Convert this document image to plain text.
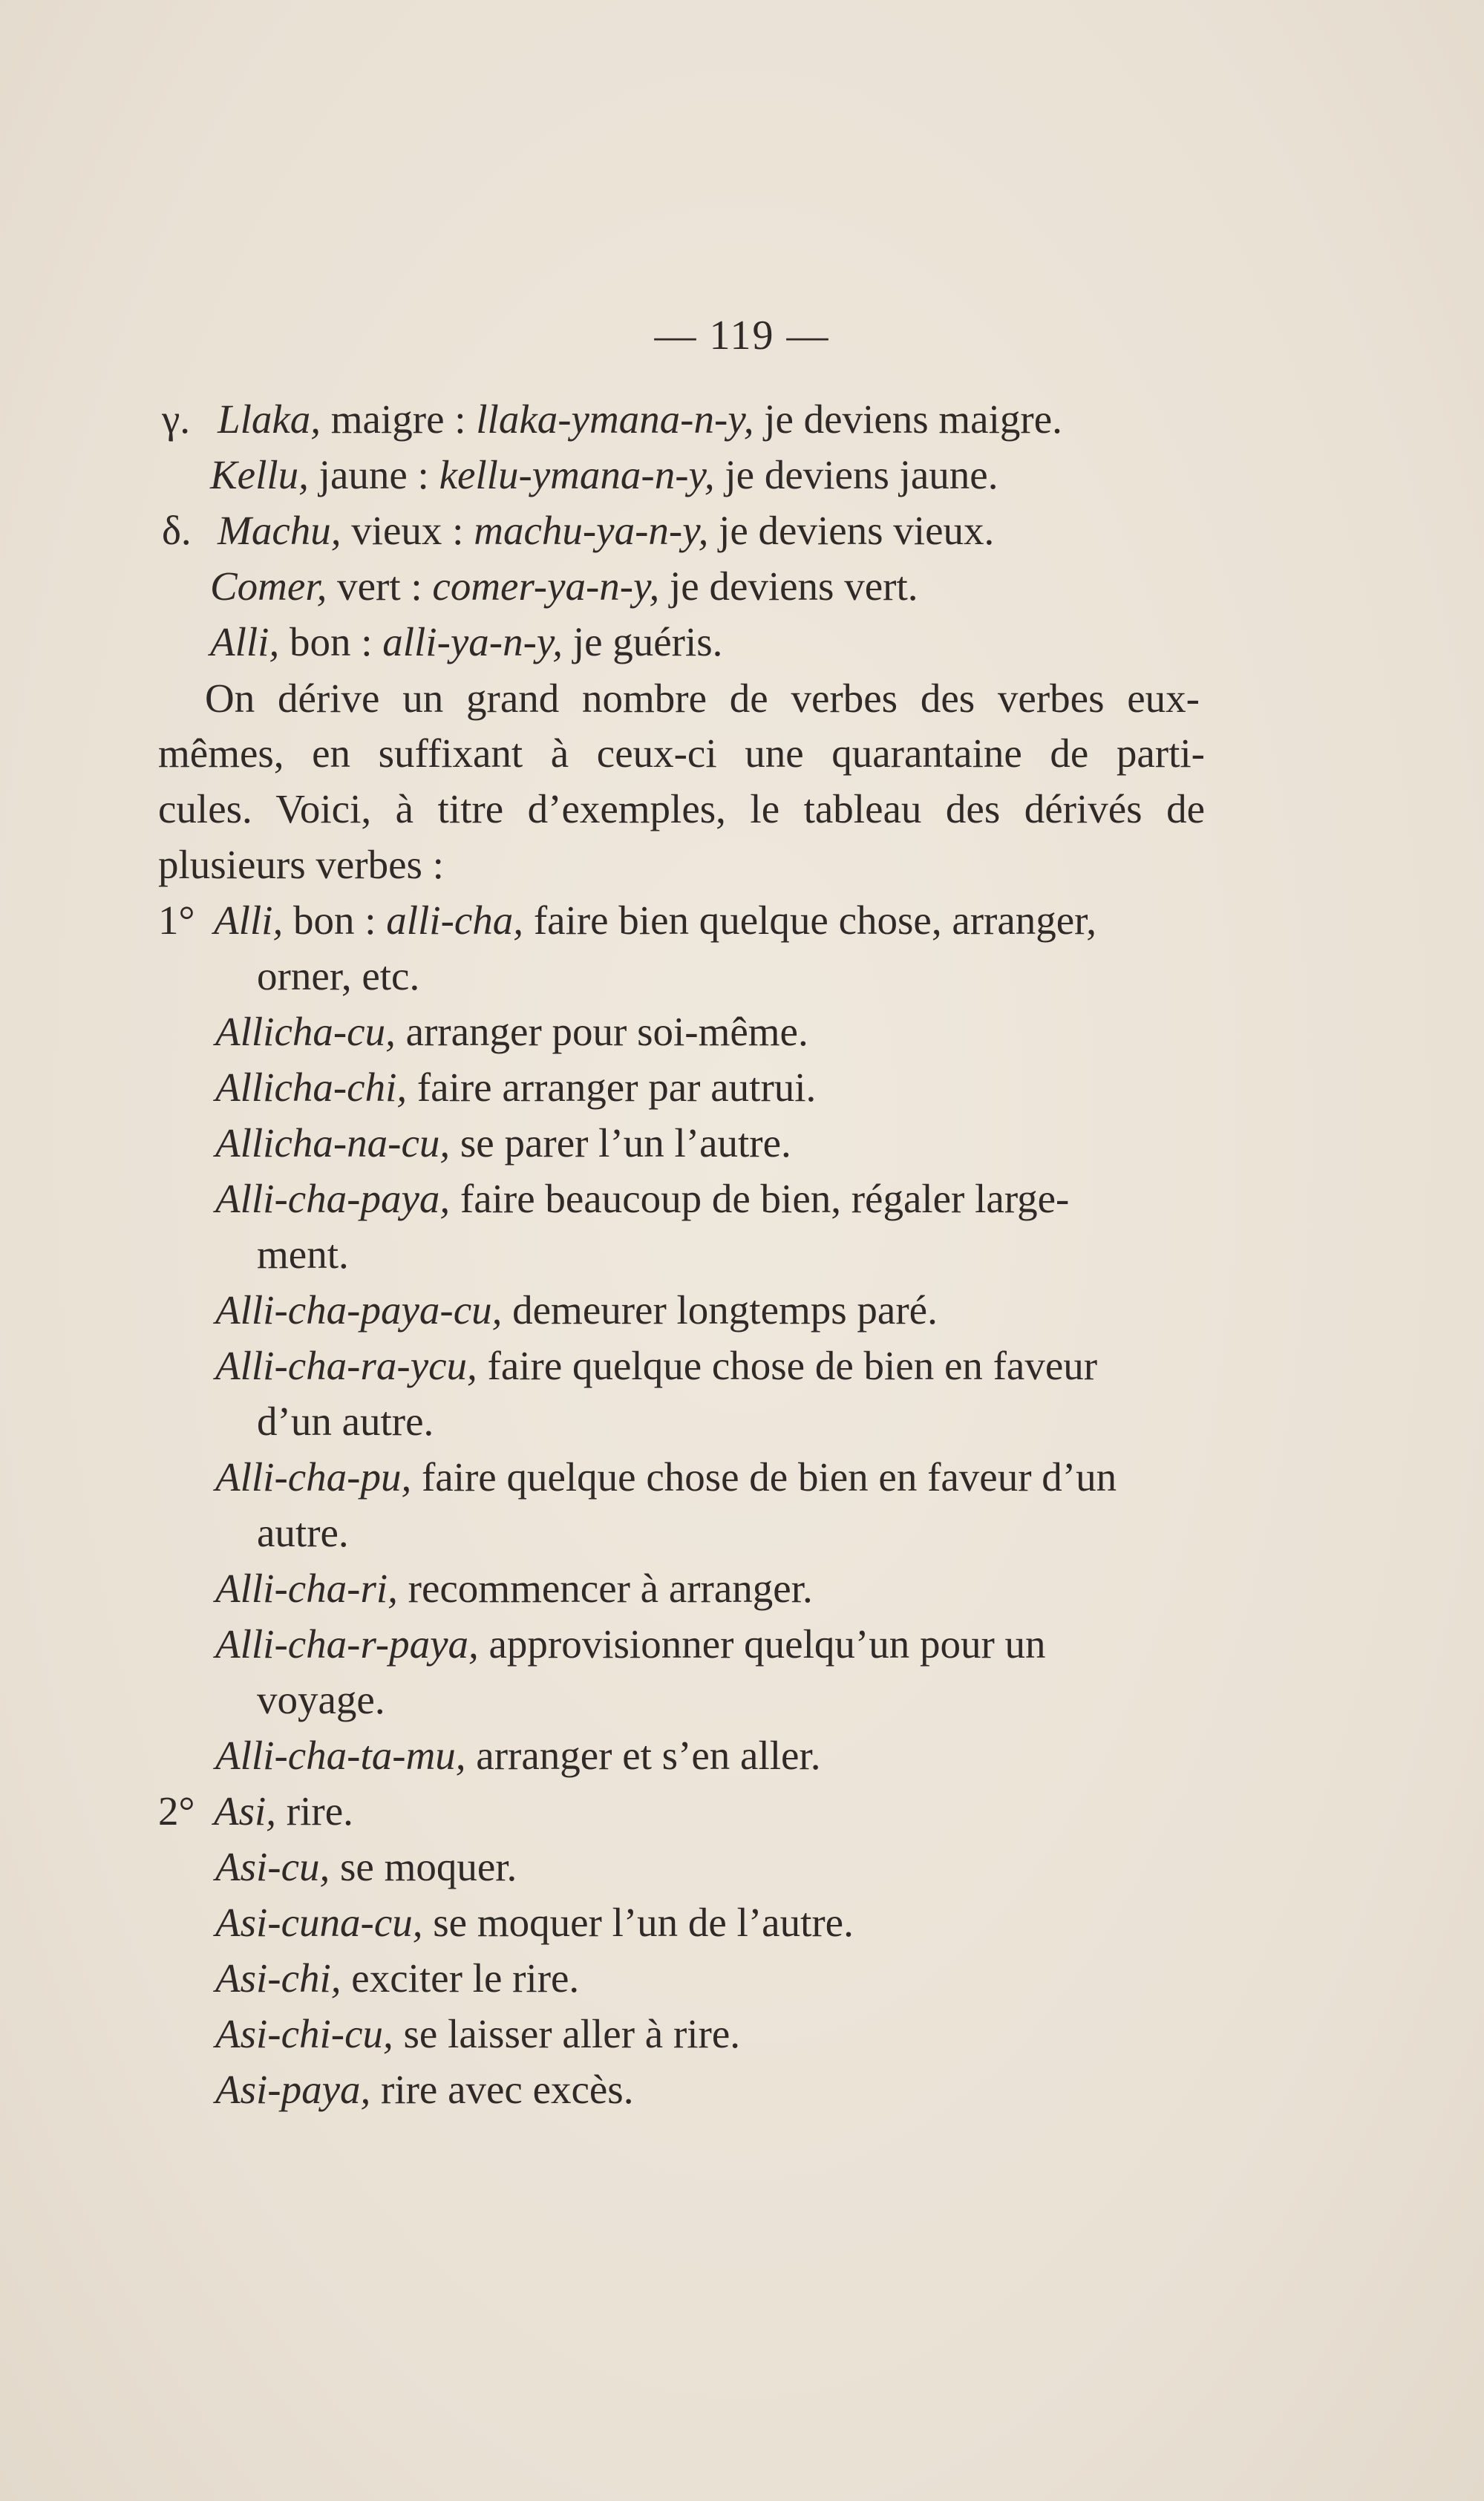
— 119 —
γ. Llaka, maigre : llaka-ymana-n-y, je deviens maigre.
Kellu, jaune : kellu-ymana-n-y, je deviens jaune.
δ. Machu, vieux : machu-ya-n-y, je deviens vieux.
Comer, vert : comer-ya-n-y, je deviens vert.
Alli, bon : alli-ya-n-y, je guéris.
On dérive un grand nombre de verbes des verbes eux-
mêmes, en suffixant à ceux-ci une quarantaine de parti-
cules. Voici, à titre d’exemples, le tableau des dérivés de
plusieurs verbes :
1° Alli, bon : alli-cha, faire bien quelque chose, arranger,
orner, etc.
Allicha-cu, arranger pour soi-même.
Allicha-chi, faire arranger par autrui.
Allicha-na-cu, se parer l’un l’autre.
Alli-cha-paya, faire beaucoup de bien, régaler large-
ment.
Alli-cha-paya-cu, demeurer longtemps paré.
Alli-cha-ra-ycu, faire quelque chose de bien en faveur
d’un autre.
Alli-cha-pu, faire quelque chose de bien en faveur d’un
autre.
Alli-cha-ri, recommencer à arranger.
Alli-cha-r-paya, approvisionner quelqu’un pour un
voyage.
Alli-cha-ta-mu, arranger et s’en aller.
2° Asi, rire.
Asi-cu, se moquer.
Asi-cuna-cu, se moquer l’un de l’autre.
Asi-chi, exciter le rire.
Asi-chi-cu, se laisser aller à rire.
Asi-paya, rire avec excès.
